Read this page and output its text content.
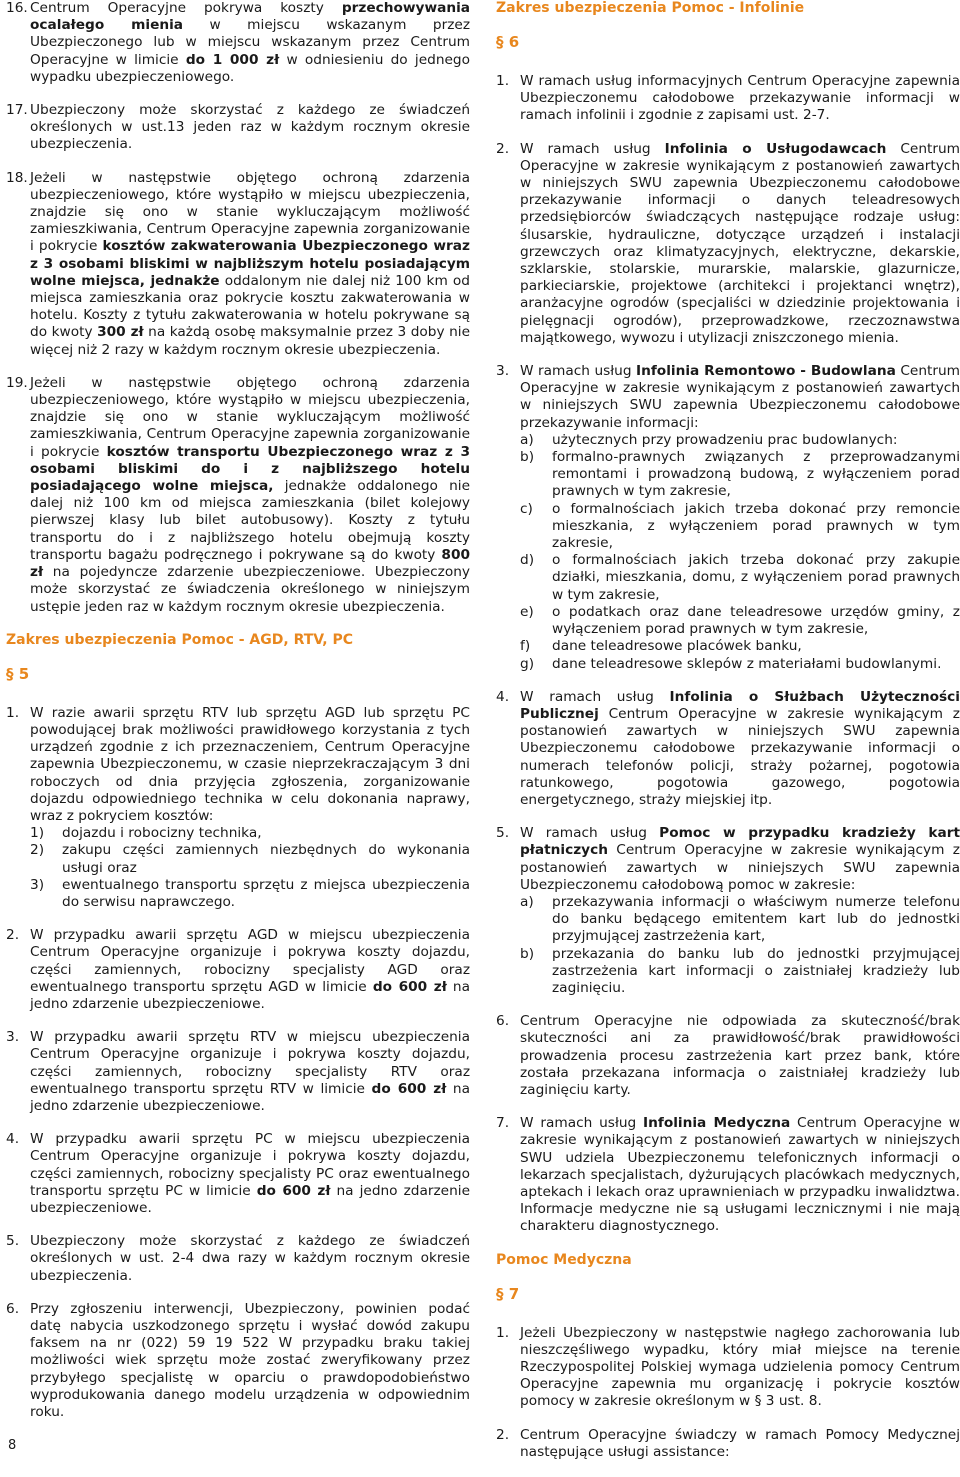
16. Centrum Operacyjne pokrywa koszty przechowywania ocalałego mienia w miejscu wskazanym przez Ubezpieczonego lub w miejscu wskazanym przez Centrum Operacyjne w limicie do 1 000 zł w odniesieniu do jednego wypadku ubezpieczeniowego.
17. Ubezpieczony może skorzystać z każdego ze świadczeń określonych w ust.13 jeden raz w każdym rocznym okresie ubezpieczenia.
18. Jeżeli w następstwie objętego ochroną zdarzenia ubezpieczeniowego, które wystąpiło w miejscu ubezpieczenia, znajdzie się ono w stanie wykluczającym możliwość zamieszkiwania, Centrum Operacyjne zapewnia zorganizowanie i pokrycie kosztów zakwaterowania Ubezpieczonego wraz z 3 osobami bliskimi w najbliższym hotelu posiadającym wolne miejsca, jednakże oddalonym nie dalej niż 100 km od miejsca zamieszkania oraz pokrycie kosztu zakwaterowania w hotelu. Koszty z tytułu zakwaterowania w hotelu pokrywane są do kwoty 300 zł na każdą osobę maksymalnie przez 3 doby nie więcej niż 2 razy w każdym rocznym okresie ubezpieczenia.
19. Jeżeli w następstwie objętego ochroną zdarzenia ubezpieczeniowego, które wystąpiło w miejscu ubezpieczenia, znajdzie się ono w stanie wykluczającym możliwość zamieszkiwania, Centrum Operacyjne zapewnia zorganizowanie i pokrycie kosztów transportu Ubezpieczonego wraz z 3 osobami bliskimi do i z najbliższego hotelu posiadającego wolne miejsca, jednakże oddalonego nie dalej niż 100 km od miejsca zamieszkania (bilet kolejowy pierwszej klasy lub bilet autobusowy). Koszty z tytułu transportu do i z najbliższego hotelu obejmują koszty transportu bagażu podręcznego i pokrywane są do kwoty 800 zł na pojedyncze zdarzenie ubezpieczeniowe. Ubezpieczony może skorzystać ze świadczenia określonego w niniejszym ustępie jeden raz w każdym rocznym okresie ubezpieczenia.
Zakres ubezpieczenia Pomoc - AGD, RTV, PC
§ 5
1. W razie awarii sprzętu RTV lub sprzętu AGD lub sprzętu PC powodującej brak możliwości prawidłowego korzystania z tych urządzeń zgodnie z ich przeznaczeniem, Centrum Operacyjne zapewnia Ubezpieczonemu, w czasie nieprzekraczającym 3 dni roboczych od dnia przyjęcia zgłoszenia, zorganizowanie dojazdu odpowiedniego technika w celu dokonania naprawy, wraz z pokryciem kosztów:
1)	dojazdu i robocizny technika,
2)	zakupu części zamiennych niezbędnych do wykonania usługi oraz
3)	ewentualnego transportu sprzętu z miejsca ubezpieczenia do serwisu naprawczego.
2. W przypadku awarii sprzętu AGD w miejscu ubezpieczenia Centrum Operacyjne organizuje i pokrywa koszty dojazdu, części zamiennych, robocizny specjalisty AGD oraz ewentualnego transportu sprzętu AGD w limicie do 600 zł na jedno zdarzenie ubezpieczeniowe.
3. W przypadku awarii sprzętu RTV w miejscu ubezpieczenia Centrum Operacyjne organizuje i pokrywa koszty dojazdu, części zamiennych, robocizny specjalisty RTV oraz ewentualnego transportu sprzętu RTV w limicie do 600 zł na jedno zdarzenie ubezpieczeniowe.
4. W przypadku awarii sprzętu PC w miejscu ubezpieczenia Centrum Operacyjne organizuje i pokrywa koszty dojazdu, części zamiennych, robocizny specjalisty PC oraz ewentualnego transportu sprzętu PC w limicie do 600 zł na jedno zdarzenie ubezpieczeniowe.
5. Ubezpieczony może skorzystać z każdego ze świadczeń określonych w ust. 2-4 dwa razy w każdym rocznym okresie ubezpieczenia.
6. Przy zgłoszeniu interwencji, Ubezpieczony, powinien podać datę nabycia uszkodzonego sprzętu i wysłać dowód zakupu faksem na nr (022) 59 19 522 W przypadku braku takiej możliwości wiek sprzętu może zostać zweryfikowany przez przybyłego specjalistę w oparciu o prawdopodobieństwo wyprodukowania danego modelu urządzenia w odpowiednim roku.
Zakres ubezpieczenia Pomoc - Infolinie
§ 6
1. W ramach usług informacyjnych Centrum Operacyjne zapewnia Ubezpieczonemu całodobowe przekazywanie informacji w ramach infolinii i zgodnie z zapisami ust. 2-7.
2. W ramach usług Infolinia o Usługodawcach Centrum Operacyjne w zakresie wynikającym z postanowień zawartych w niniejszych SWU zapewnia Ubezpieczonemu całodobowe przekazywanie informacji o danych teleadresowych przedsiębiorców świadczących następujące rodzaje usług: ślusarskie, hydrauliczne, dotyczące urządzeń i instalacji grzewczych oraz klimatyzacyjnych, elektryczne, dekarskie, szklarskie, stolarskie, murarskie, malarskie, glazurnicze, parkieciarskie, projektowe (architekci i projektanci wnętrz), aranżacyjne ogrodów (specjaliści w dziedzinie projektowania i pielęgnacji ogrodów), przeprowadzkowe, rzeczoznawstwa majątkowego, wywozu i utylizacji zniszczonego mienia.
3. W ramach usług Infolinia Remontowo - Budowlana Centrum Operacyjne w zakresie wynikającym z postanowień zawartych w niniejszych SWU zapewnia Ubezpieczonemu całodobowe przekazywanie informacji:
a)	użytecznych przy prowadzeniu prac budowlanych:
b)	formalno-prawnych związanych z przeprowadzanymi remontami i prowadzoną budową, z wyłączeniem porad prawnych w tym zakresie,
c)	o formalnościach jakich trzeba dokonać przy remoncie mieszkania, z wyłączeniem porad prawnych w tym zakresie,
d)	o formalnościach jakich trzeba dokonać przy zakupie działki, mieszkania, domu, z wyłączeniem porad prawnych w tym zakresie,
e)	o podatkach oraz dane teleadresowe urzędów gminy, z wyłączeniem porad prawnych w tym zakresie,
f)	dane teleadresowe placówek banku,
g)	dane teleadresowe sklepów z materiałami budowlanymi.
4. W ramach usług Infolinia o Służbach Użyteczności Publicznej Centrum Operacyjne w zakresie wynikającym z postanowień zawartych w niniejszych SWU zapewnia Ubezpieczonemu całodobowe przekazywanie informacji o numerach telefonów policji, straży pożarnej, pogotowia ratunkowego, pogotowia gazowego, pogotowia energetycznego, straży miejskiej itp.
5. W ramach usług Pomoc w przypadku kradzieży kart płatniczych Centrum Operacyjne w zakresie wynikającym z postanowień zawartych w niniejszych SWU zapewnia Ubezpieczonemu całodobową pomoc w zakresie:
a)	przekazywania informacji o właściwym numerze telefonu do banku będącego emitentem kart lub do jednostki przyjmującej zastrzeżenia kart,
b)	przekazania do banku lub do jednostki przyjmującej zastrzeżenia kart informacji o zaistniałej kradzieży lub zaginięciu.
6. Centrum Operacyjne nie odpowiada za skuteczność/brak skuteczności ani za prawidłowość/brak prawidłowości prowadzenia procesu zastrzeżenia kart przez bank, które została przekazana informacja o zaistniałej kradzieży lub zaginięciu karty.
7. W ramach usług Infolinia Medyczna Centrum Operacyjne w zakresie wynikającym z postanowień zawartych w niniejszych SWU udziela Ubezpieczonemu telefonicznych informacji o lekarzach specjalistach, dyżurujących placówkach medycznych, aptekach i lekach oraz uprawnieniach w przypadku inwalidztwa. Informacje medyczne nie są usługami lecznicznymi i nie mają charakteru diagnostycznego.
Pomoc Medyczna
§ 7
1. Jeżeli Ubezpieczony w następstwie nagłego zachorowania lub nieszczęśliwego wypadku, który miał miejsce na terenie Rzeczypospolitej Polskiej wymaga udzielenia pomocy Centrum Operacyjne zapewnia mu organizację i pokrycie kosztów pomocy w zakresie określonym w § 3 ust. 8.
2. Centrum Operacyjne świadczy w ramach Pomocy Medycznej następujące usługi assistance:
8
